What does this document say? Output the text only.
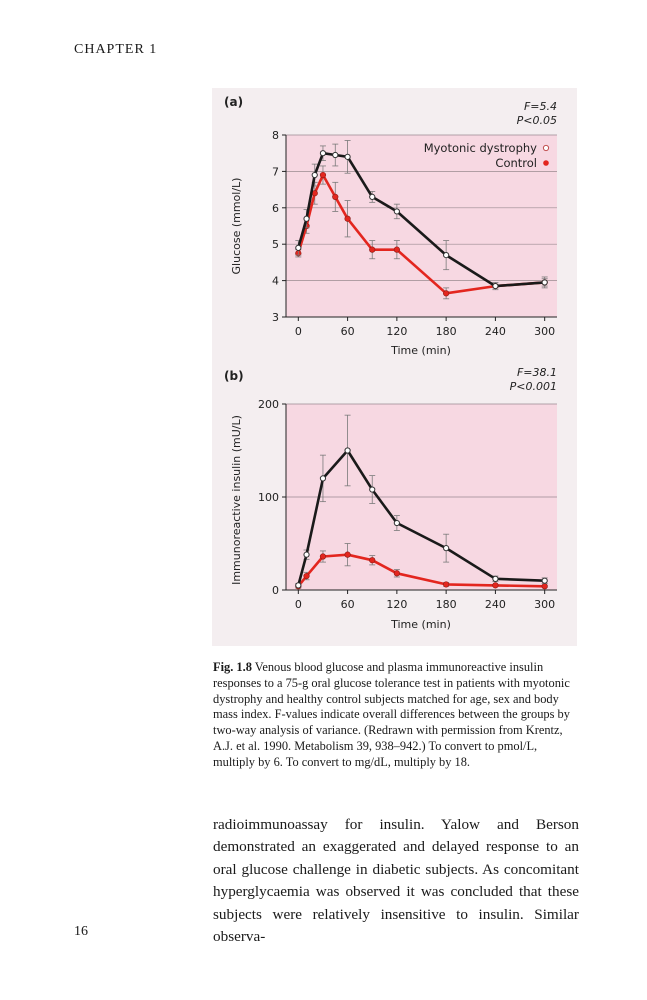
CHAPTER 1
3
4
5
6
7
8
0	60	120	180	240	300
Time (min)
Glucose (mmol/L)
(a)	F=5.4
P<0.05
Myotonic dystrophy
Control
0
100
200
0	60	120	180	240	300
Time (min)
Immunoreactive insulin (mU/L)
(b)	F=38.1
P<0.001
Fig. 1.8 Venous blood glucose and plasma immunoreactive insulin responses to a 75-g oral glucose tolerance test in patients with myotonic dystrophy and healthy control subjects matched for age, sex and body mass index. F-values indicate overall differences between the groups by two-way analysis of variance. (Redrawn with permission from Krentz, A.J. et al. 1990. Metabolism 39, 938–942.) To convert to pmol/L, multiply by 6. To convert to mg/dL, multiply by 18.

radioimmunoassay for insulin. Yalow and Berson demonstrated an exaggerated and delayed response to an oral glucose challenge in diabetic subjects. As concomitant hyperglycaemia was observed it was concluded that these subjects were relatively insensitive to insulin. Similar observa-

16
